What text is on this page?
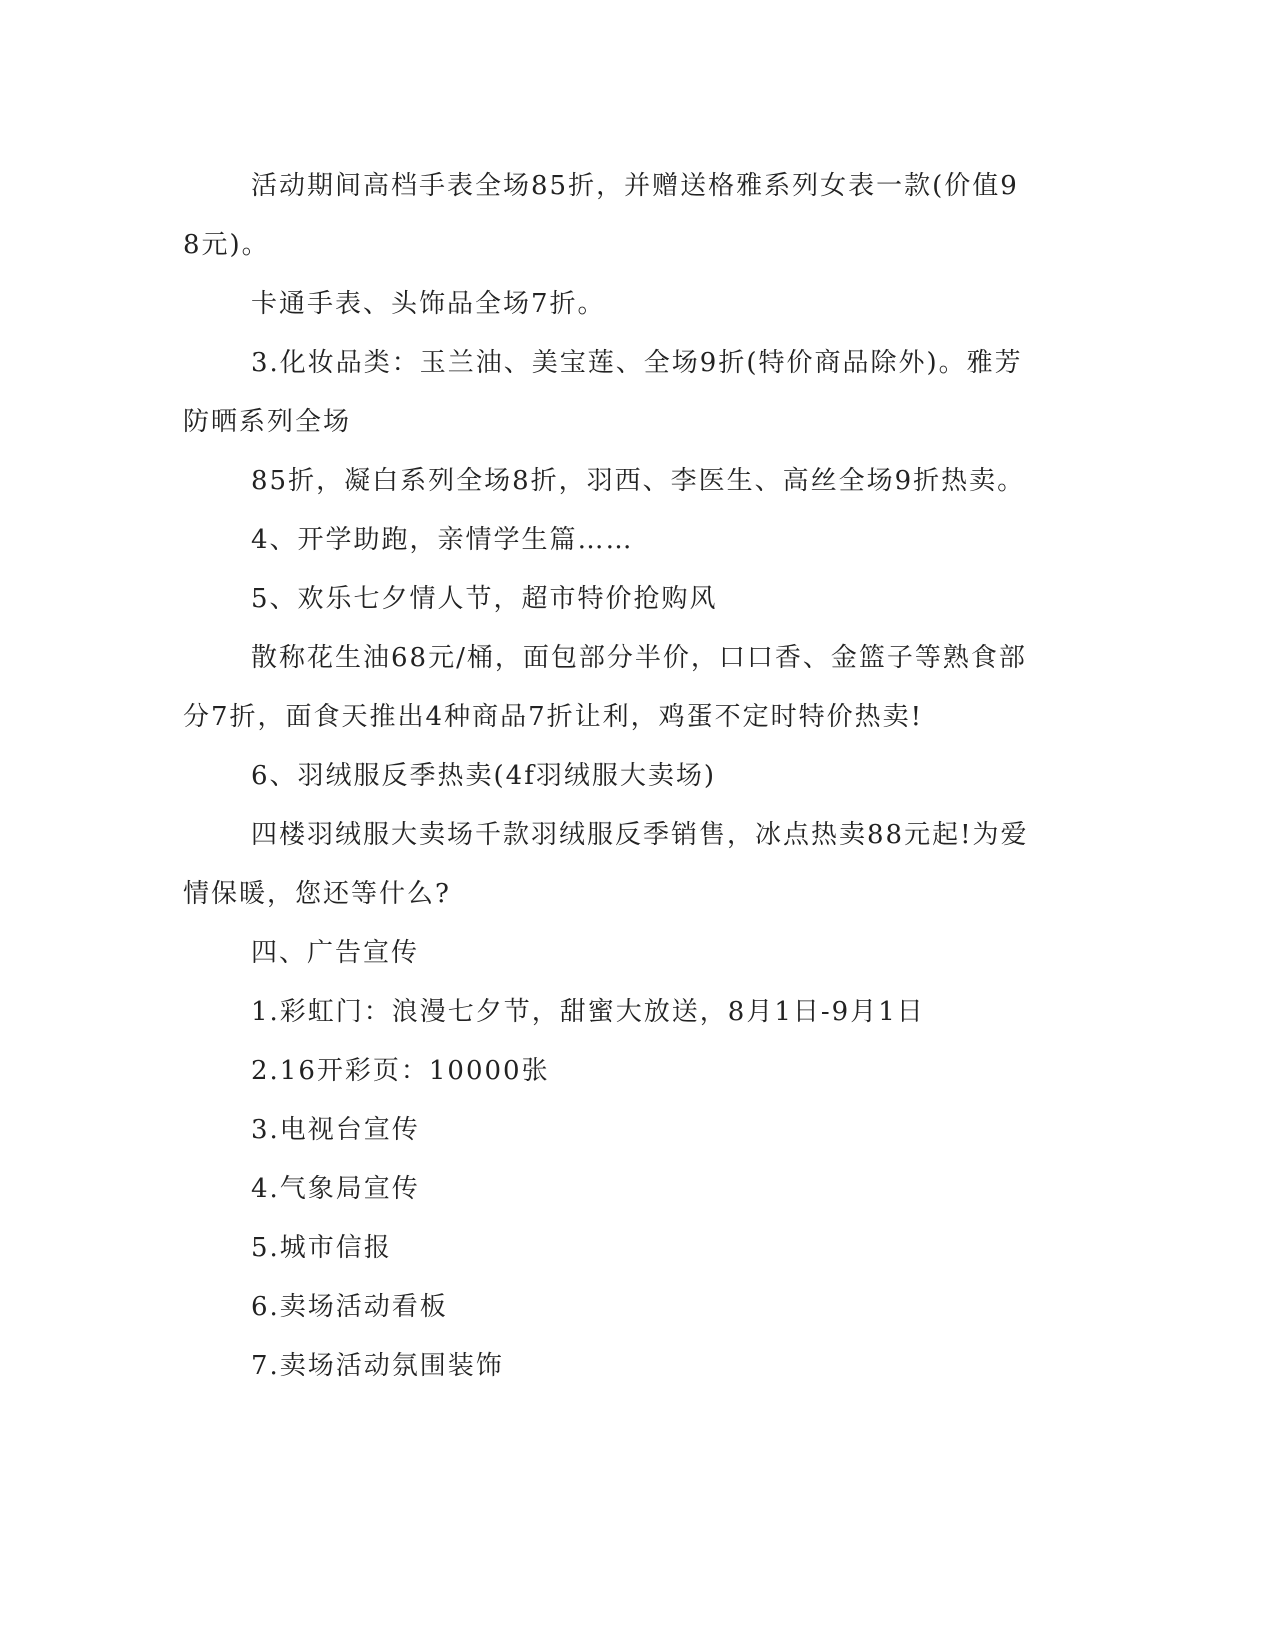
活动期间高档手表全场85折，并赠送格雅系列女表一款(价值98元)。

卡通手表、头饰品全场7折。

3.化妆品类：玉兰油、美宝莲、全场9折(特价商品除外)。雅芳防晒系列全场

85折，凝白系列全场8折，羽西、李医生、高丝全场9折热卖。

4、开学助跑，亲情学生篇……

5、欢乐七夕情人节，超市特价抢购风

散称花生油68元/桶，面包部分半价，口口香、金篮子等熟食部分7折，面食天推出4种商品7折让利，鸡蛋不定时特价热卖!

6、羽绒服反季热卖(4f羽绒服大卖场)

四楼羽绒服大卖场千款羽绒服反季销售，冰点热卖88元起!为爱情保暖，您还等什么?

四、广告宣传

1.彩虹门：浪漫七夕节，甜蜜大放送，8月1日-9月1日

2.16开彩页：10000张

3.电视台宣传

4.气象局宣传

5.城市信报

6.卖场活动看板

7.卖场活动氛围装饰
